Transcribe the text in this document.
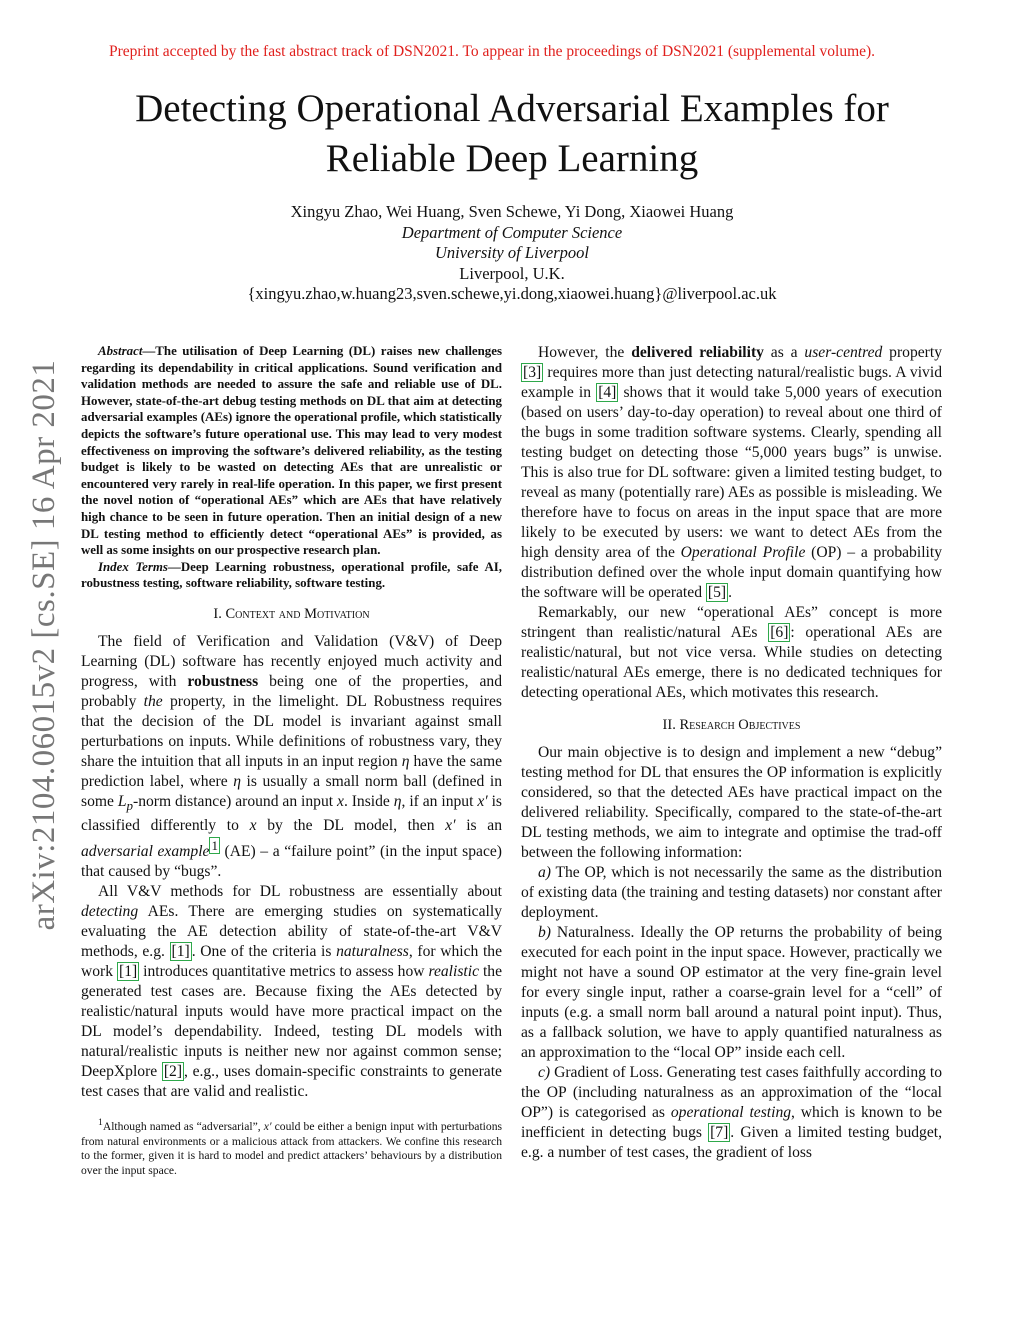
Preprint accepted by the fast abstract track of DSN2021. To appear in the proceedings of DSN2021 (supplemental volume).
arXiv:2104.06015v2 [cs.SE] 16 Apr 2021
Detecting Operational Adversarial Examples for
Reliable Deep Learning
Xingyu Zhao, Wei Huang, Sven Schewe, Yi Dong, Xiaowei Huang
Department of Computer Science
University of Liverpool
Liverpool, U.K.
{xingyu.zhao,w.huang23,sven.schewe,yi.dong,xiaowei.huang}@liverpool.ac.uk

Abstract—The utilisation of Deep Learning (DL) raises new challenges regarding its dependability in critical applications. Sound verification and validation methods are needed to assure the safe and reliable use of DL. However, state-of-the-art debug testing methods on DL that aim at detecting adversarial examples (AEs) ignore the operational profile, which statistically depicts the software’s future operational use. This may lead to very modest effectiveness on improving the software’s delivered reliability, as the testing budget is likely to be wasted on detecting AEs that are unrealistic or encountered very rarely in real-life operation. In this paper, we first present the novel notion of “operational AEs” which are AEs that have relatively high chance to be seen in future operation. Then an initial design of a new DL testing method to efficiently detect “operational AEs” is provided, as well as some insights on our prospective research plan.

Index Terms—Deep Learning robustness, operational profile, safe AI, robustness testing, software reliability, software testing.

I. Context and Motivation

The field of Verification and Validation (V&V) of Deep Learning (DL) software has recently enjoyed much activity and progress, with robustness being one of the properties, and probably the property, in the limelight. DL Robustness requires that the decision of the DL model is invariant against small perturbations on inputs. While definitions of robustness vary, they share the intuition that all inputs in an input region η have the same prediction label, where η is usually a small norm ball (defined in some $L_p$-norm distance) around an input x. Inside η, if an input x′ is classified differently to x by the DL model, then x′ is an adversarial example $^1$ (AE) – a “failure point” (in the input space) that caused by “bugs”.

All V&V methods for DL robustness are essentially about detecting AEs. There are emerging studies on systematically evaluating the AE detection ability of state-of-the-art V&V methods, e.g. [1] . One of the criteria is naturalness, for which the work [1] introduces quantitative metrics to assess how realistic the generated test cases are. Because fixing the AEs detected by realistic/natural inputs would have more practical impact on the DL model’s dependability. Indeed, testing DL models with natural/realistic inputs is neither new nor against common sense; DeepXplore [2] , e.g., uses domain-specific constraints to generate test cases that are valid and realistic.

$^1$Although named as “adversarial”, x′ could be either a benign input with perturbations from natural environments or a malicious attack from attackers. We confine this research to the former, given it is hard to model and predict attackers’ behaviours by a distribution over the input space.

However, the delivered reliability as a user-centred property [3] requires more than just detecting natural/realistic bugs. A vivid example in [4] shows that it would take 5,000 years of execution (based on users’ day-to-day operation) to reveal about one third of the bugs in some tradition software systems. Clearly, spending all testing budget on detecting those “5,000 years bugs” is unwise. This is also true for DL software: given a limited testing budget, to reveal as many (potentially rare) AEs as possible is misleading. We therefore have to focus on areas in the input space that are more likely to be executed by users: we want to detect AEs from the high density area of the Operational Profile (OP) – a probability distribution defined over the whole input domain quantifying how the software will be operated [5] .

Remarkably, our new “operational AEs” concept is more stringent than realistic/natural AEs [6] : operational AEs are realistic/natural, but not vice versa. While studies on detecting realistic/natural AEs emerge, there is no dedicated techniques for detecting operational AEs, which motivates this research.

II. Research Objectives

Our main objective is to design and implement a new “debug” testing method for DL that ensures the OP information is explicitly considered, so that the detected AEs have practical impact on the delivered reliability. Specifically, compared to the state-of-the-art DL testing methods, we aim to integrate and optimise the trad-off between the following information:

a) The OP, which is not necessarily the same as the distribution of existing data (the training and testing datasets) nor constant after deployment.

b) Naturalness. Ideally the OP returns the probability of being executed for each point in the input space. However, practically we might not have a sound OP estimator at the very fine-grain level for every single input, rather a coarse-grain level for a “cell” of inputs (e.g. a small norm ball around a natural point input). Thus, as a fallback solution, we have to apply quantified naturalness as an approximation to the “local OP” inside each cell.

c) Gradient of Loss. Generating test cases faithfully according to the OP (including naturalness as an approximation of the “local OP”) is categorised as operational testing, which is known to be inefficient in detecting bugs [7] . Given a limited testing budget, e.g. a number of test cases, the gradient of loss
